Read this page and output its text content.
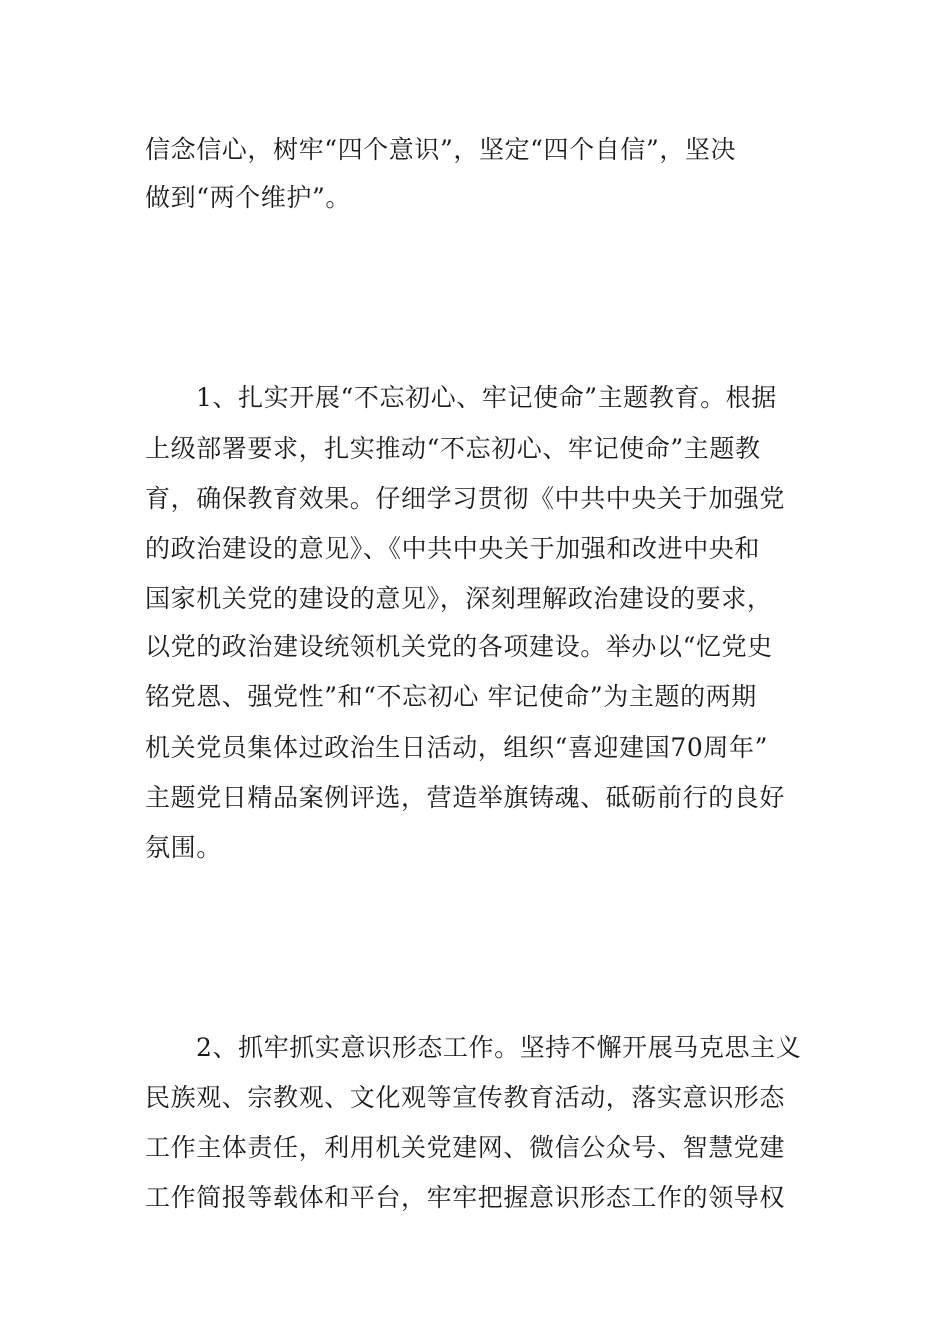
信念信心，树牢“四个意识”，坚定“四个自信”，坚决
做到“两个维护”。
1、扎实开展“不忘初心、牢记使命”主题教育。根据
上级部署要求，扎实推动“不忘初心、牢记使命”主题教
育，确保教育效果。仔细学习贯彻《中共中央关于加强党
的政治建设的意见》、《中共中央关于加强和改进中央和
国家机关党的建设的意见》，深刻理解政治建设的要求，
以党的政治建设统领机关党的各项建设。举办以“忆党史
铭党恩、强党性”和“不忘初心 牢记使命”为主题的两期
机关党员集体过政治生日活动，组织“喜迎建国70周年”
主题党日精品案例评选，营造举旗铸魂、砥砺前行的良好
氛围。
2、抓牢抓实意识形态工作。坚持不懈开展马克思主义
民族观、宗教观、文化观等宣传教育活动，落实意识形态
工作主体责任，利用机关党建网、微信公众号、智慧党建
工作简报等载体和平台，牢牢把握意识形态工作的领导权
